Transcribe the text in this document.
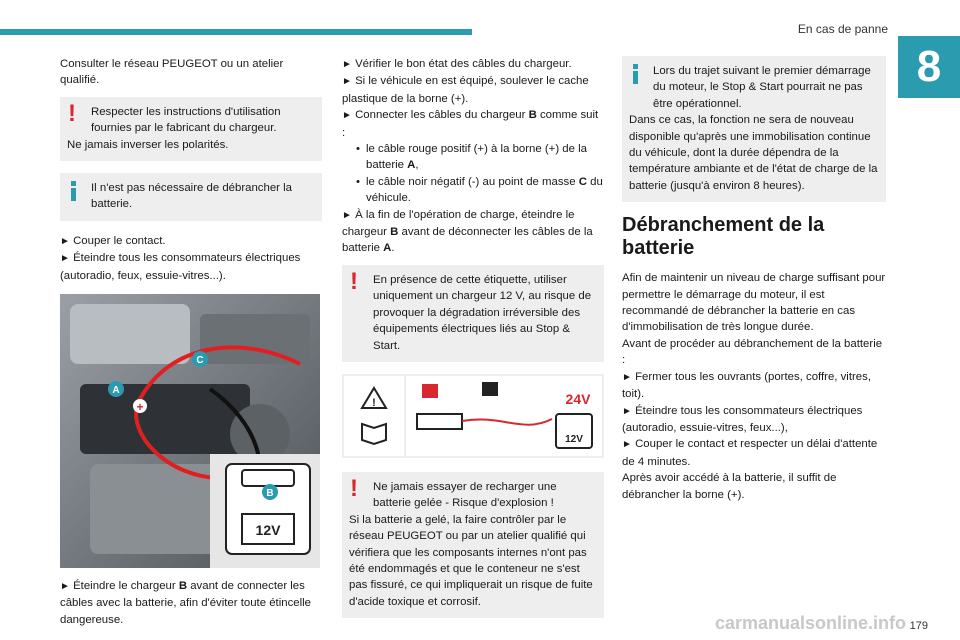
En cas de panne
8

Consulter le réseau PEUGEOT ou un atelier qualifié.

!	Respecter les instructions d'utilisation fournies par le fabricant du chargeur.
Ne jamais inverser les polarités.
Il n'est pas nécessaire de débrancher la batterie.

► Couper le contact.

► Éteindre tous les consommateurs électriques (autoradio, feux, essuie-vitres...).

+
A
C
B
12V

► Éteindre le chargeur B avant de connecter les câbles avec la batterie, afin d'éviter toute étincelle dangereuse.

► Vérifier le bon état des câbles du chargeur.

► Si le véhicule en est équipé, soulever le cache plastique de la borne (+).

► Connecter les câbles du chargeur B comme suit :

• le câble rouge positif (+) à la borne (+) de la batterie A,

• le câble noir négatif (-) au point de masse C du véhicule.

► À la fin de l'opération de charge, éteindre le chargeur B avant de déconnecter les câbles de la batterie A.

!	En présence de cette étiquette, utiliser uniquement un chargeur 12 V, au risque de provoquer la dégradation irréversible des équipements électriques liés au Stop & Start.
!	24V
12V
!	Ne jamais essayer de recharger une batterie gelée - Risque d'explosion !
Si la batterie a gelé, la faire contrôler par le réseau PEUGEOT ou par un atelier qualifié qui vérifiera que les composants internes n'ont pas été endommagés et que le conteneur ne s'est pas fissuré, ce qui impliquerait un risque de fuite d'acide toxique et corrosif.
Lors du trajet suivant le premier démarrage du moteur, le Stop & Start pourrait ne pas être opérationnel.
Dans ce cas, la fonction ne sera de nouveau disponible qu'après une immobilisation continue du véhicule, dont la durée dépendra de la température ambiante et de l'état de charge de la batterie (jusqu'à environ 8 heures).
Débranchement de la batterie

Afin de maintenir un niveau de charge suffisant pour permettre le démarrage du moteur, il est recommandé de débrancher la batterie en cas d'immobilisation de très longue durée.

Avant de procéder au débranchement de la batterie :

► Fermer tous les ouvrants (portes, coffre, vitres, toit).

► Éteindre tous les consommateurs électriques (autoradio, essuie-vitres, feux...),

► Couper le contact et respecter un délai d'attente de 4 minutes.

Après avoir accédé à la batterie, il suffit de débrancher la borne (+).

carmanualsonline.info 179
